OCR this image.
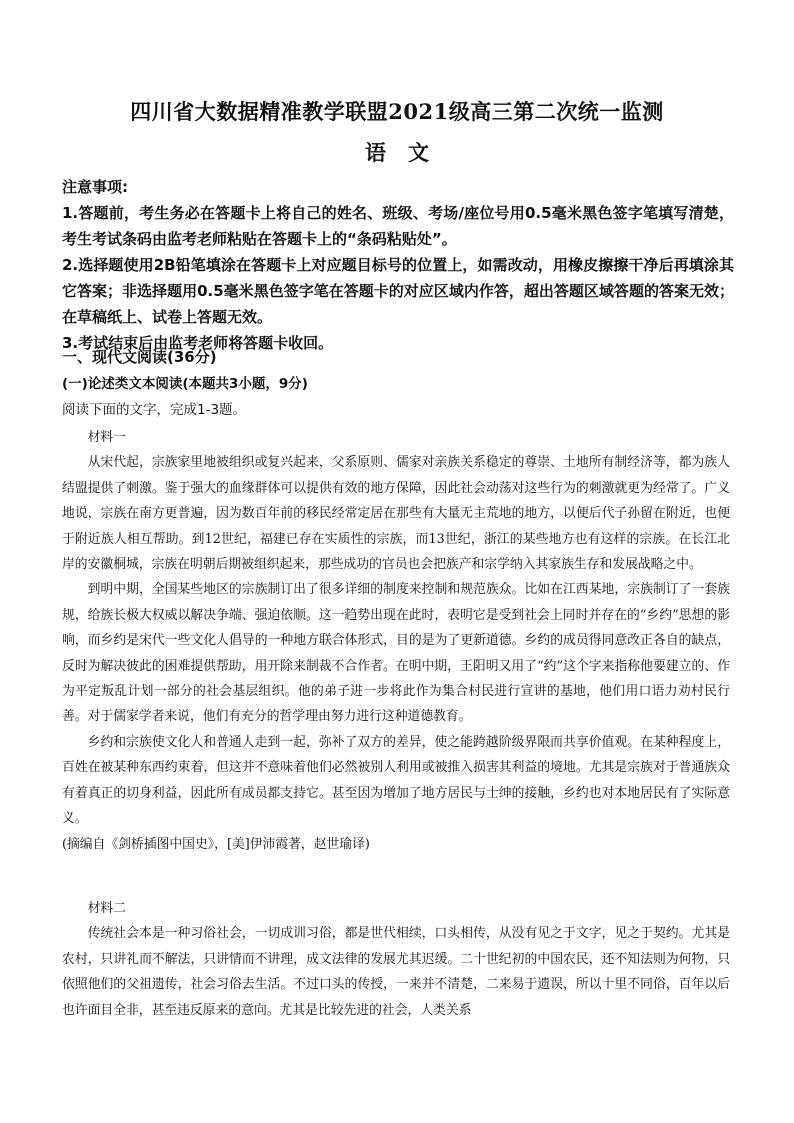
四川省大数据精准教学联盟2021级高三第二次统一监测
语文

注意事项:

1.答题前，考生务必在答题卡上将自己的姓名、班级、考场/座位号用0.5毫米黑色签字笔填写清楚，考生考试条码由监考老师粘贴在答题卡上的“条码粘贴处”。

2.选择题使用2B铅笔填涂在答题卡上对应题目标号的位置上，如需改动，用橡皮擦擦干净后再填涂其它答案；非选择题用0.5毫米黑色签字笔在答题卡的对应区域内作答，超出答题区域答题的答案无效；在草稿纸上、试卷上答题无效。

3.考试结束后由监考老师将答题卡收回。

一、现代文阅读(36分)
(一)论述类文本阅读(本题共3小题，9分)
阅读下面的文字，完成1-3题。

材料一

从宋代起，宗族家里地被组织或复兴起来，父系原则、儒家对亲族关系稳定的尊崇、土地所有制经济等，都为族人结盟提供了刺激。鉴于强大的血缘群体可以提供有效的地方保障，因此社会动荡对这些行为的刺激就更为经常了。广义地说，宗族在南方更普遍，因为数百年前的移民经常定居在那些有大量无主荒地的地方，以便后代子孙留在附近，也便于附近族人相互帮助。到12世纪，福建已存在实质性的宗族，而13世纪，浙江的某些地方也有这样的宗族。在长江北岸的安徽桐城，宗族在明朝后期被组织起来，那些成功的官员也会把族产和宗学纳入其家族生存和发展战略之中。

到明中期，全国某些地区的宗族制订出了很多详细的制度来控制和规范族众。比如在江西某地，宗族制订了一套族规，给族长极大权威以解决争端、强迫依顺。这一趋势出现在此时，表明它是受到社会上同时并存在的“乡约”思想的影响，而乡约是宋代一些文化人倡导的一种地方联合体形式，目的是为了更新道德。乡约的成员得同意改正各自的缺点，反时为解决彼此的困难提供帮助，用开除来制裁不合作者。在明中期，王阳明又用了“约”这个字来指称他要建立的、作为平定叛乱计划一部分的社会基层组织。他的弟子进一步将此作为集合村民进行宣讲的基地，他们用口语力劝村民行善。对于儒家学者来说，他们有充分的哲学理由努力进行这种道德教育。

乡约和宗族使文化人和普通人走到一起，弥补了双方的差异，使之能跨越阶级界限而共享价值观。在某种程度上，百姓在被某种东西约束着，但这并不意味着他们必然被别人利用或被推入损害其利益的境地。尤其是宗族对于普通族众有着真正的切身利益，因此所有成员都支持它。甚至因为增加了地方居民与士绅的接触，乡约也对本地居民有了实际意义。

(摘编自《剑桥插图中国史》，[美]伊沛霞著，赵世瑜译)

材料二

传统社会本是一种习俗社会，一切成训习俗，都是世代相续，口头相传，从没有见之于文字，见之于契约。尤其是农村，只讲礼而不解法，只讲情而不讲理，成文法律的发展尤其迟缓。二十世纪初的中国农民，还不知法则为何物，只依照他们的父祖遗传，社会习俗去生活。不过口头的传授，一来并不清楚，二来易于遗误，所以十里不同俗，百年以后也许面目全非，甚至违反原来的意向。尤其是比较先进的社会，人类关系
